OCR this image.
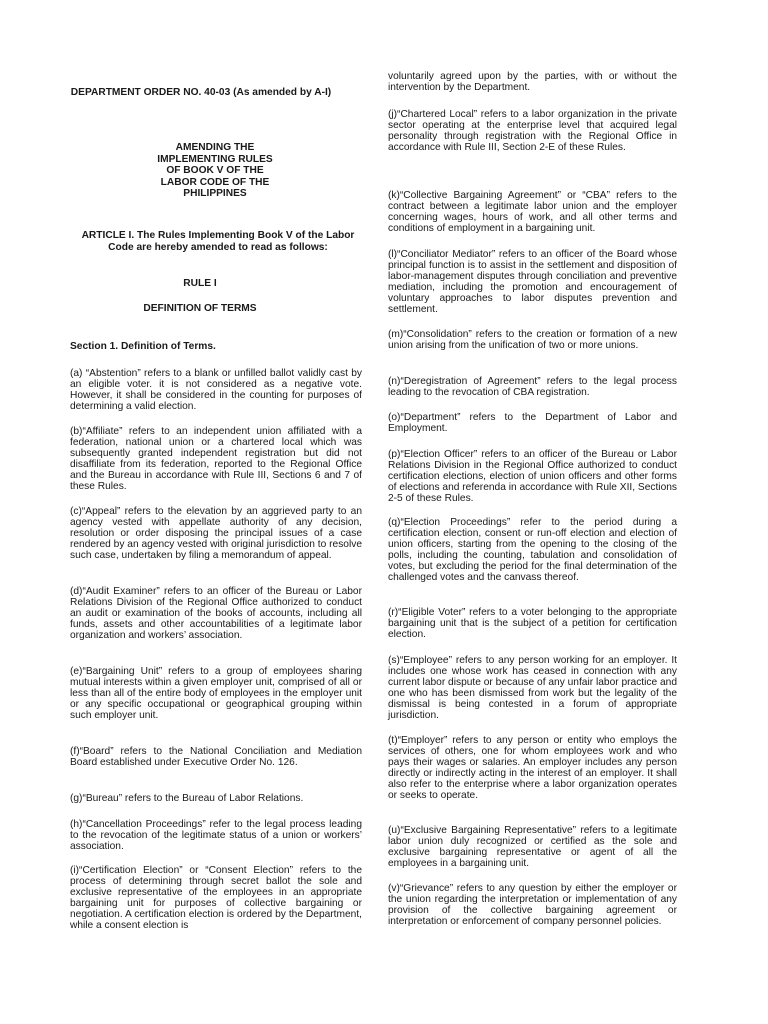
DEPARTMENT ORDER NO. 40-03 (As amended by A-I)
AMENDING THE IMPLEMENTING RULES OF BOOK V OF THE LABOR CODE OF THE PHILIPPINES
ARTICLE I. The Rules Implementing Book V of the Labor Code are hereby amended to read as follows:
RULE I
DEFINITION OF TERMS
Section 1. Definition of Terms.

(a) “Abstention” refers to a blank or unfilled ballot validly cast by an eligible voter. it is not considered as a negative vote. However, it shall be considered in the counting for purposes of determining a valid election.

(b)“Affiliate” refers to an independent union affiliated with a federation, national union or a chartered local which was subsequently granted independent registration but did not disaffiliate from its federation, reported to the Regional Office and the Bureau in accordance with Rule III, Sections 6 and 7 of these Rules.

(c)“Appeal” refers to the elevation by an aggrieved party to an agency vested with appellate authority of any decision, resolution or order disposing the principal issues of a case rendered by an agency vested with original jurisdiction to resolve such case, undertaken by filing a memorandum of appeal.

(d)“Audit Examiner” refers to an officer of the Bureau or Labor Relations Division of the Regional Office authorized to conduct an audit or examination of the books of accounts, including all funds, assets and other accountabilities of a legitimate labor organization and workers’ association.

(e)“Bargaining Unit” refers to a group of employees sharing mutual interests within a given employer unit, comprised of all or less than all of the entire body of employees in the employer unit or any specific occupational or geographical grouping within such employer unit.

(f)“Board” refers to the National Conciliation and Mediation Board established under Executive Order No. 126.

(g)“Bureau” refers to the Bureau of Labor Relations.

(h)“Cancellation Proceedings” refer to the legal process leading to the revocation of the legitimate status of a union or workers’ association.

(i)“Certification Election” or “Consent Election” refers to the process of determining through secret ballot the sole and exclusive representative of the employees in an appropriate bargaining unit for purposes of collective bargaining or negotiation. A certification election is ordered by the Department, while a consent election is

voluntarily agreed upon by the parties, with or without the intervention by the Department.

(j)“Chartered Local” refers to a labor organization in the private sector operating at the enterprise level that acquired legal personality through registration with the Regional Office in accordance with Rule III, Section 2-E of these Rules.

(k)“Collective Bargaining Agreement” or “CBA” refers to the contract between a legitimate labor union and the employer concerning wages, hours of work, and all other terms and conditions of employment in a bargaining unit.

(l)“Conciliator Mediator” refers to an officer of the Board whose principal function is to assist in the settlement and disposition of labor-management disputes through conciliation and preventive mediation, including the promotion and encouragement of voluntary approaches to labor disputes prevention and settlement.

(m)“Consolidation” refers to the creation or formation of a new union arising from the unification of two or more unions.

(n)“Deregistration of Agreement” refers to the legal process leading to the revocation of CBA registration.

(o)“Department” refers to the Department of Labor and Employment.

(p)“Election Officer” refers to an officer of the Bureau or Labor Relations Division in the Regional Office authorized to conduct certification elections, election of union officers and other forms of elections and referenda in accordance with Rule XII, Sections 2-5 of these Rules.

(q)“Election Proceedings” refer to the period during a certification election, consent or run-off election and election of union officers, starting from the opening to the closing of the polls, including the counting, tabulation and consolidation of votes, but excluding the period for the final determination of the challenged votes and the canvass thereof.

(r)“Eligible Voter” refers to a voter belonging to the appropriate bargaining unit that is the subject of a petition for certification election.

(s)“Employee” refers to any person working for an employer. It includes one whose work has ceased in connection with any current labor dispute or because of any unfair labor practice and one who has been dismissed from work but the legality of the dismissal is being contested in a forum of appropriate jurisdiction.

(t)“Employer” refers to any person or entity who employs the services of others, one for whom employees work and who pays their wages or salaries. An employer includes any person directly or indirectly acting in the interest of an employer. It shall also refer to the enterprise where a labor organization operates or seeks to operate.

(u)“Exclusive Bargaining Representative” refers to a legitimate labor union duly recognized or certified as the sole and exclusive bargaining representative or agent of all the employees in a bargaining unit.

(v)“Grievance” refers to any question by either the employer or the union regarding the interpretation or implementation of any provision of the collective bargaining agreement or interpretation or enforcement of company personnel policies.
